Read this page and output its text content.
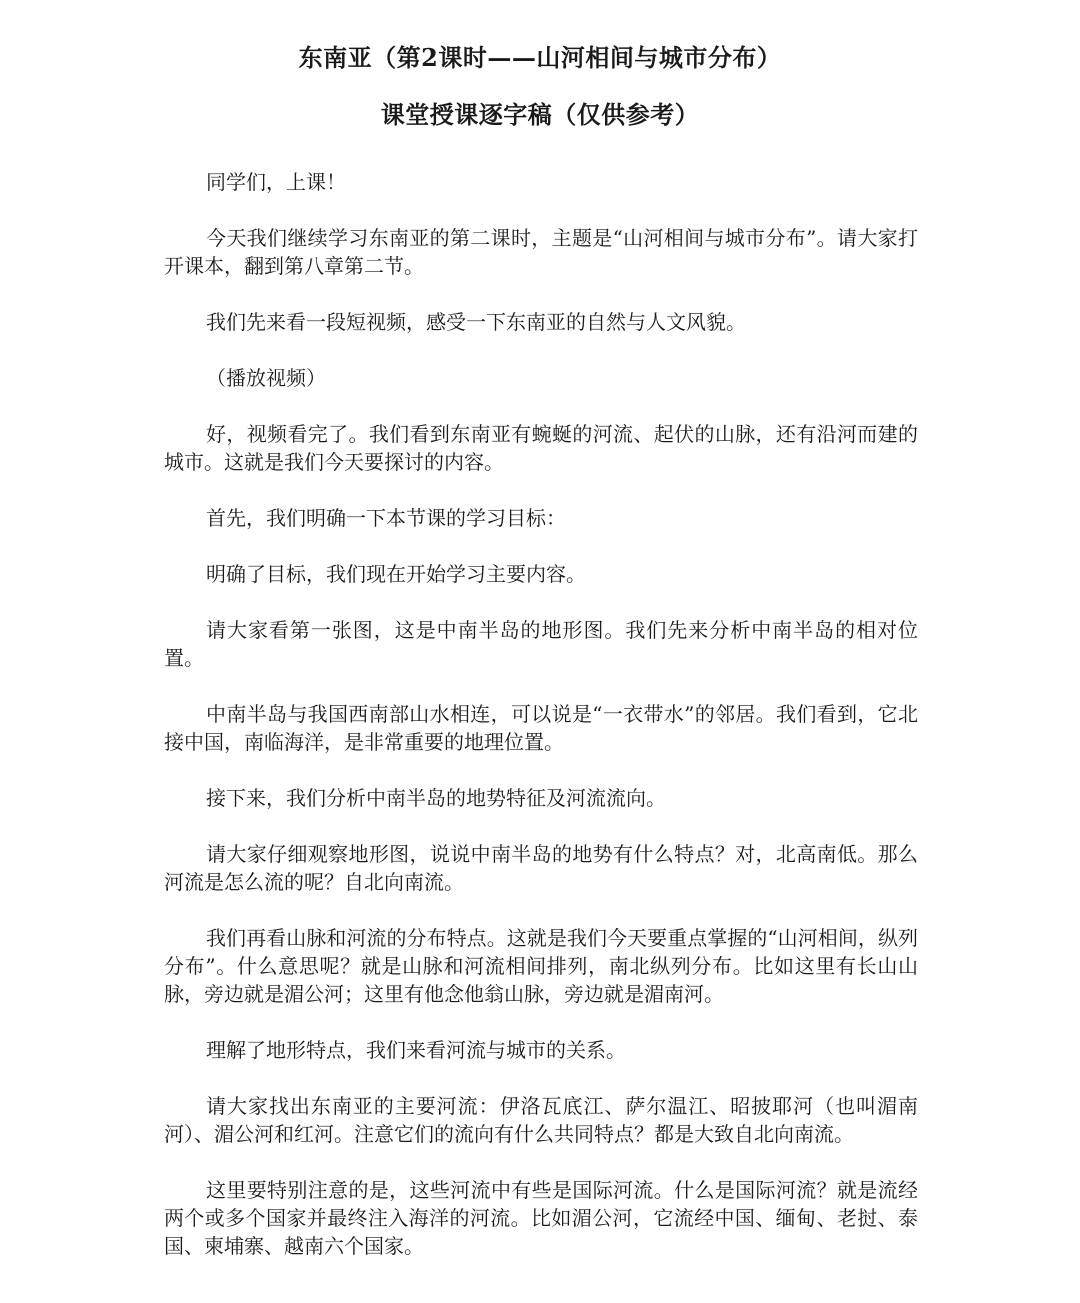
东南亚（第2课时——山河相间与城市分布）
课堂授课逐字稿（仅供参考）

同学们，上课！

今天我们继续学习东南亚的第二课时，主题是“山河相间与城市分布”。请大家打开课本，翻到第八章第二节。

我们先来看一段短视频，感受一下东南亚的自然与人文风貌。

（播放视频）

好，视频看完了。我们看到东南亚有蜿蜒的河流、起伏的山脉，还有沿河而建的城市。这就是我们今天要探讨的内容。

首先，我们明确一下本节课的学习目标：

明确了目标，我们现在开始学习主要内容。

请大家看第一张图，这是中南半岛的地形图。我们先来分析中南半岛的相对位置。

中南半岛与我国西南部山水相连，可以说是“一衣带水”的邻居。我们看到，它北接中国，南临海洋，是非常重要的地理位置。

接下来，我们分析中南半岛的地势特征及河流流向。

请大家仔细观察地形图，说说中南半岛的地势有什么特点？对，北高南低。那么河流是怎么流的呢？自北向南流。

我们再看山脉和河流的分布特点。这就是我们今天要重点掌握的“山河相间，纵列分布”。什么意思呢？就是山脉和河流相间排列，南北纵列分布。比如这里有长山山脉，旁边就是湄公河；这里有他念他翁山脉，旁边就是湄南河。

理解了地形特点，我们来看河流与城市的关系。

请大家找出东南亚的主要河流：伊洛瓦底江、萨尔温江、昭披耶河（也叫湄南河）、湄公河和红河。注意它们的流向有什么共同特点？都是大致自北向南流。

这里要特别注意的是，这些河流中有些是国际河流。什么是国际河流？就是流经两个或多个国家并最终注入海洋的河流。比如湄公河，它流经中国、缅甸、老挝、泰国、柬埔寨、越南六个国家。
